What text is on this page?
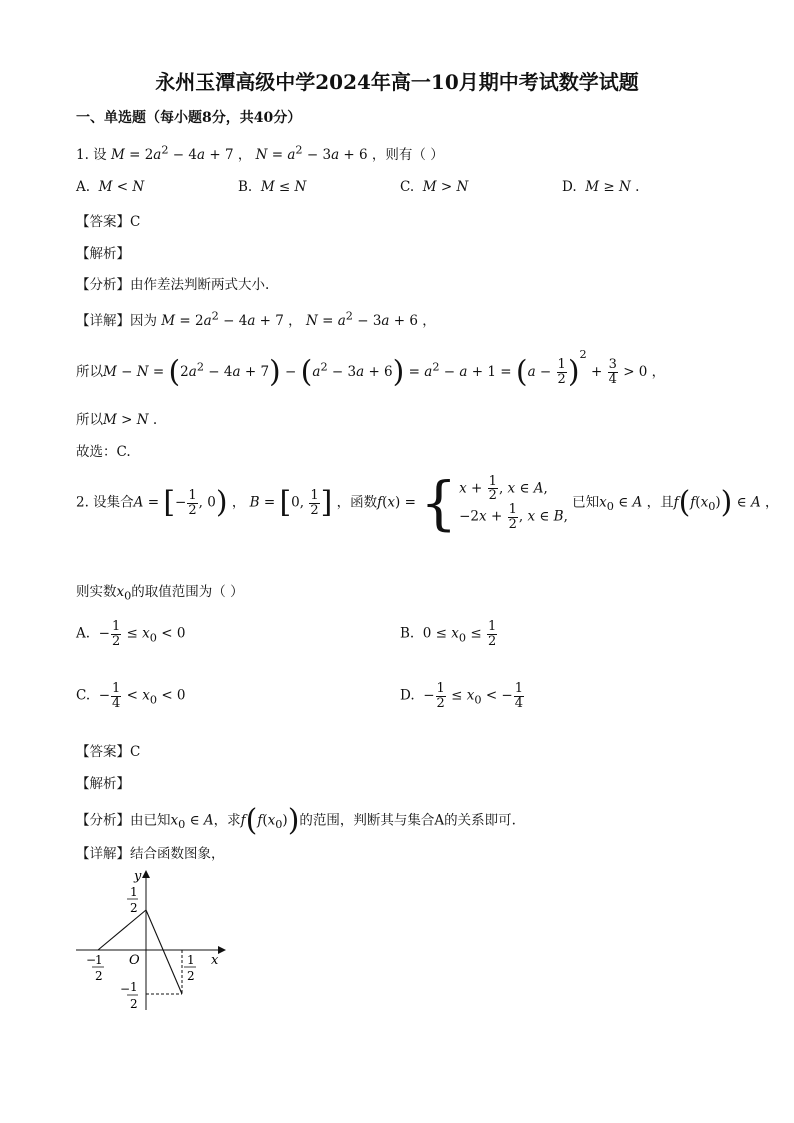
永州玉潭高级中学2024年高一10月期中考试数学试题
一、单选题（每小题8分，共40分）
1. 设 $M = 2a^2 - 4a + 7$ ， $N = a^2 - 3a + 6$ ，则有（ ）
A. M < N	B. M ≤ N	C. M > N	D. M ≥ N .
【答案】C
【解析】
【分析】由作差法判断两式大小.
【详解】因为 $M = 2a^2 - 4a + 7$ ， $N = a^2 - 3a + 6$ ，
所以$M - N = (2a^2 - 4a + 7) - (a^2 - 3a + 6) = a^2 - a + 1 = (a - \frac{1}{2} )^2 + \frac{3}{4} > 0$ ，
所以M > N .
故选：C.
2. 设集合A = [− $\frac{1}{2}$ , 0) ， B = [0, $\frac{1}{2}$ ] ，函数f(x) = { $x + \frac{1}{2}$ , x ∈ A,
$-2x + \frac{1}{2}$ , x ∈ B,
已知$x_0$ ∈ A ，且$f(f(x_0))$ ∈ A ，
则实数$x_0$的取值范围为（ ）
A.  − $\frac{1}{2} \le x_0 < 0$	B.  $0 \le x_0 \le \frac{1}{2}$
C.  − $\frac{1}{4} < x_0 < 0$	D.  − $\frac{1}{2} \le x_0$ < − $\frac{1}{4}$
【答案】C
【解析】
【分析】由已知$x_0$ ∈ A，求$f(f(x_0))$的范围，判断其与集合A的关系即可.
【详解】结合函数图象，
y
x
O
1
2
−
1
2
1
2
− 1
2
